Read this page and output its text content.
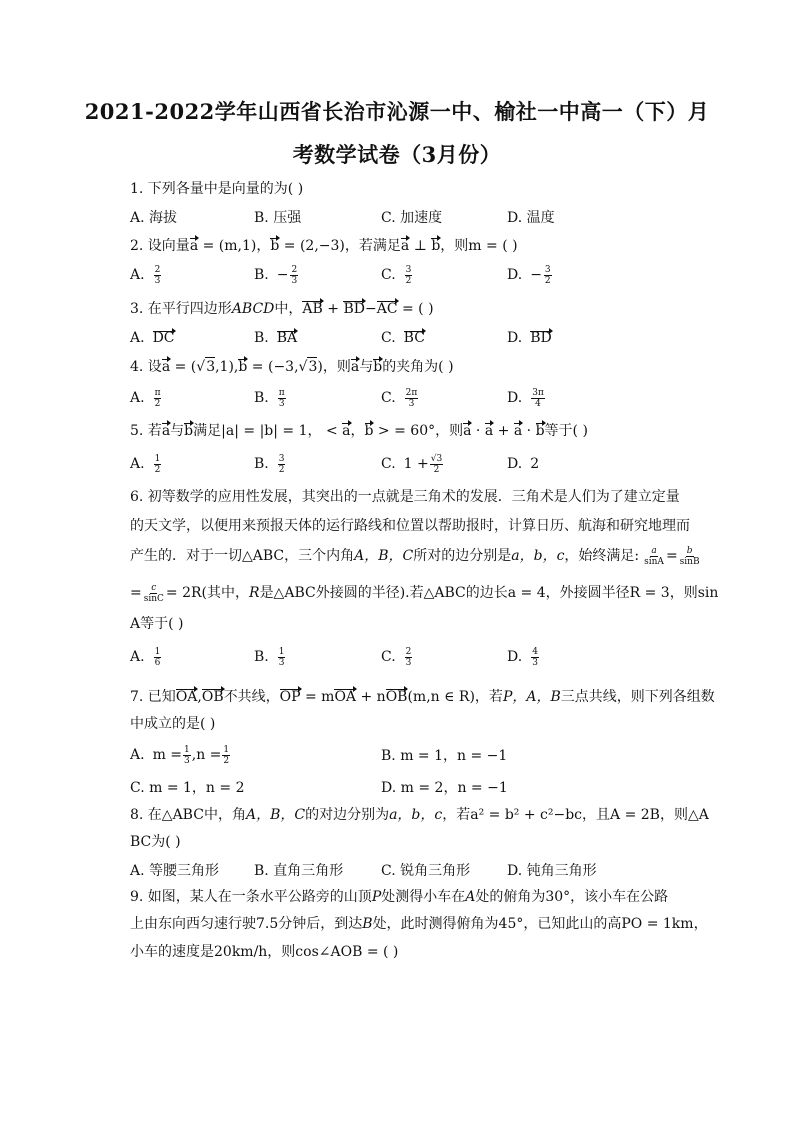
2021-2022学年山西省长治市沁源一中、榆社一中高一（下）月
考数学试卷（3月份）
1. 下列各量中是向量的为( )
A. 海拔	B. 压强	C. 加速度	D. 温度
2. 设向量a = (m,1)，b = (2,−3)，若满足a ⊥ b，则m = ( )
A. $\frac{2}{3}$	B. − $\frac{2}{3}$	C. $\frac{3}{2}$	D. − $\frac{3}{2}$
3. 在平行四边形ABCD中，AB + BD−AC = ( )
A. DC	B. BA	C. BC	D. BD
4. 设a = (√3,1),b = (−3,√3)，则a与b的夹角为( )
A. $\frac{\pi}{2}$	B. $\frac{\pi}{3}$	C. $\frac{2\pi}{3}$	D. $\frac{3\pi}{4}$
5. 若a与b满足|a| = |b| = 1， < a，b > = 60°，则a · a + a · b等于( )
A. $\frac{1}{2}$	B. $\frac{3}{2}$	C. $1 + \frac{√3}{2}$	D. 2
6. 初等数学的应用性发展，其突出的一点就是三角术的发展．三角术是人们为了建立定量
的天文学，以便用来预报天体的运行路线和位置以帮助报时，计算日历、航海和研究地理而
产生的．对于一切△ABC，三个内角 A，B，C 所对的边分别是 a，b，c ，始终满足: $\frac{a}{\sin A} = \frac{b}{\sin B}$
= $\frac{c}{\sin C} = 2R$(其中， R 是△ABC外接圆的半径).若△ABC的边长a = 4，外接圆半径R = 3，则sin
A等于( )
A. $\frac{1}{6}$	B. $\frac{1}{3}$	C. $\frac{2}{3}$	D. $\frac{4}{3}$
7. 已知OA,OB不共线，OP = mOA + nOB(m,n ∈ R)，若P，A，B三点共线，则下列各组数
中成立的是( )
A. $m = \frac{1}{3} ,n = \frac{1}{2}$	B. m = 1，n = −1
C. m = 1，n = 2	D. m = 2，n = −1
8. 在△ABC中，角A，B，C的对边分别为a，b，c，若a² = b² + c²−bc，且A = 2B，则△A
BC为( )
A. 等腰三角形 B. 直角三角形	C. 锐角三角形	D. 钝角三角形
9. 如图，某人在一条水平公路旁的山顶P处测得小车在A处的俯角为30°，该小车在公路
上由东向西匀速行驶7.5分钟后，到达B处，此时测得俯角为45°，已知此山的高PO = 1km，
小车的速度是20km/h，则cos∠AOB = ( )
